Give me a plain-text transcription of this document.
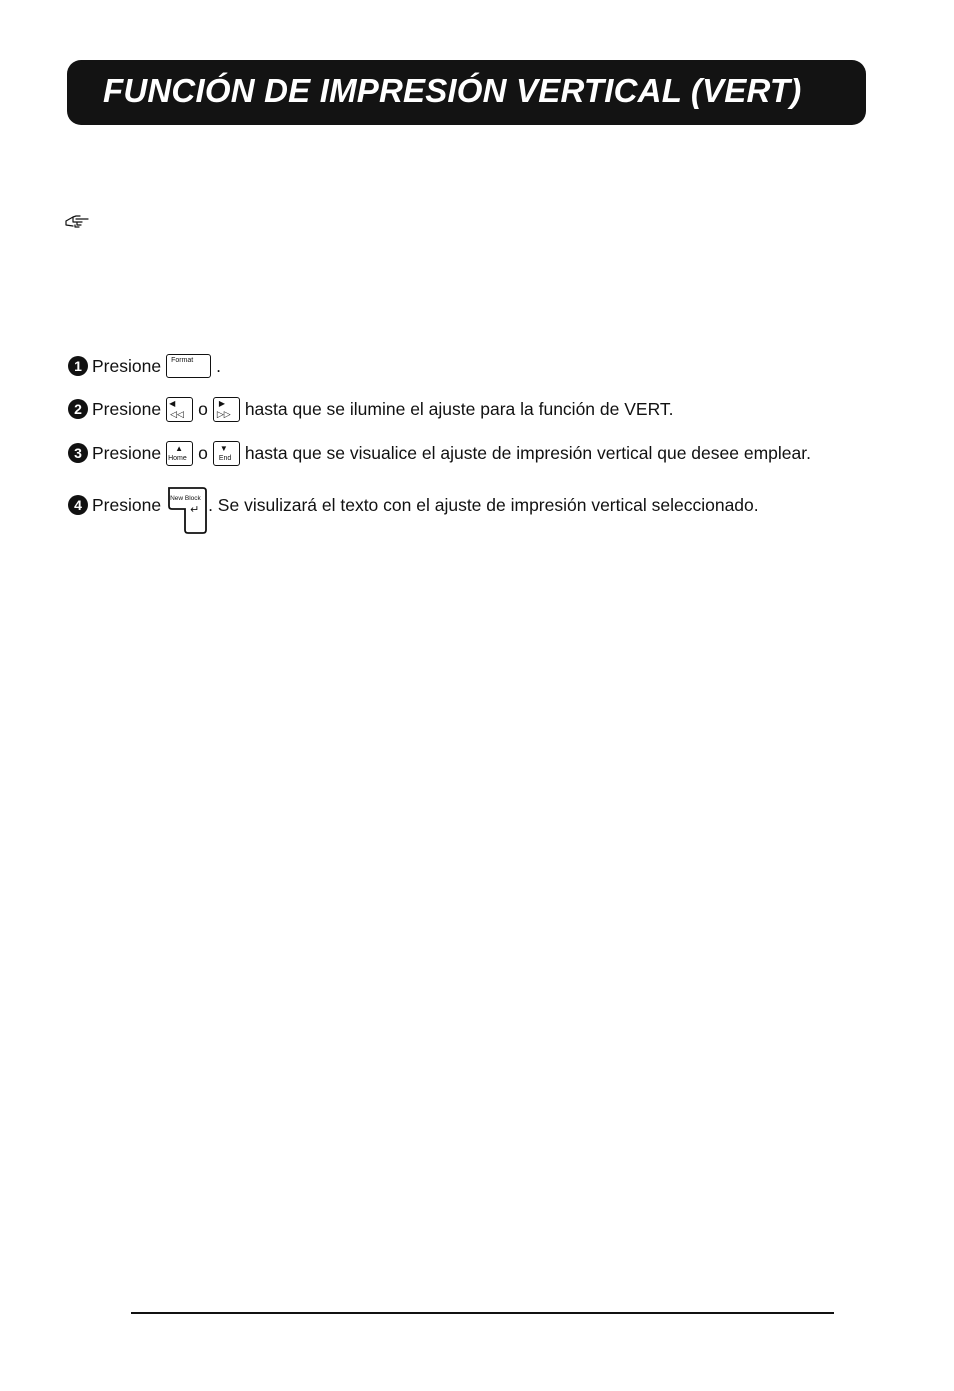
FUNCIÓN DE IMPRESIÓN VERTICAL (VERT)
1 Presione Format .
2 Presione ◀
◁◁ o ▶
▷▷ hasta que se ilumine el ajuste para la función de VERT.
3 Presione ▲
Home o ▼
End hasta que se visualice el ajuste de impresión vertical que desee emplear.
4 Presione New Block
↵ . Se visulizará el texto con el ajuste de impresión vertical seleccionado.
